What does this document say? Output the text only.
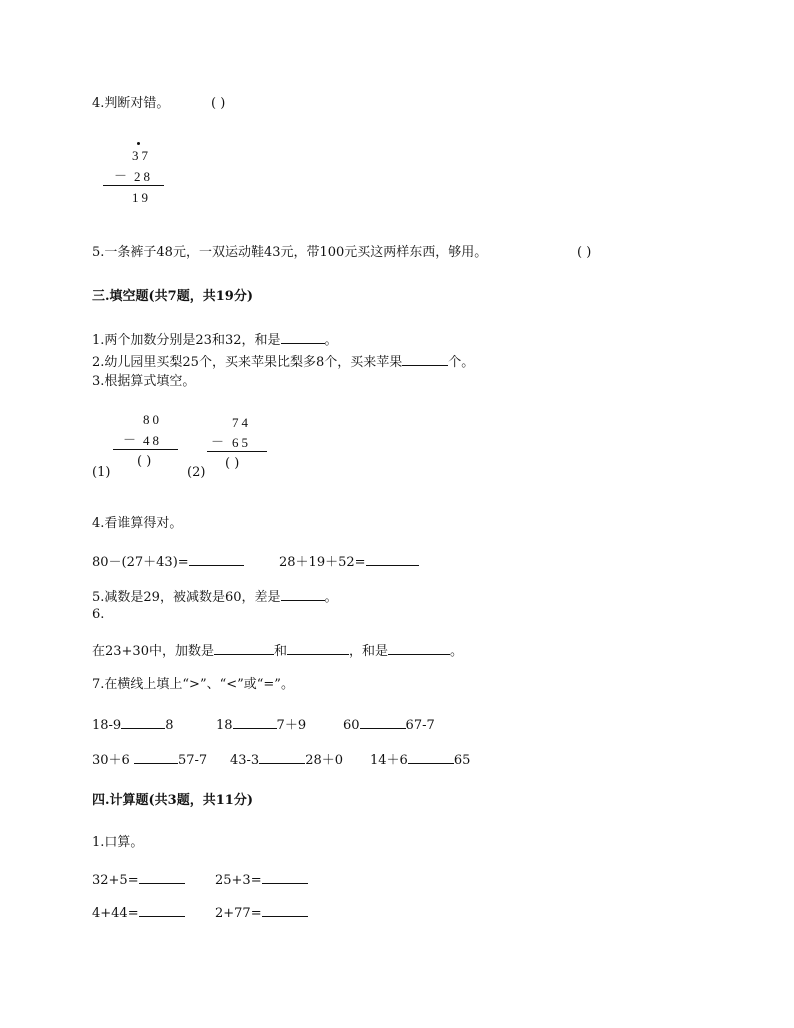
4.判断对错。	( )
37
－ 28
19
5.一条裤子48元，一双运动鞋43元，带100元买这两样东西，够用。	( )
三.填空题(共7题，共19分)
1.两个加数分别是23和32，和是	。
2.幼儿园里买梨25个，买来苹果比梨多8个，买来苹果	个。
3.根据算式填空。
80
－ 48
( )
(1)
74
－ 65
( )
(2)
4.看谁算得对。
80－(27＋43)=	28＋19＋52=
5.减数是29，被减数是60，差是	。
6.
在23+30中，加数是	和	，和是	。
7.在横线上填上“>”、“<”或“=”。
18-9	8	18	7＋9	60	67-7
30＋6	57-7 43-3	28＋0 14＋6	65
四.计算题(共3题，共11分)
1.口算。
32+5=	25+3=
4+44=	2+77=
